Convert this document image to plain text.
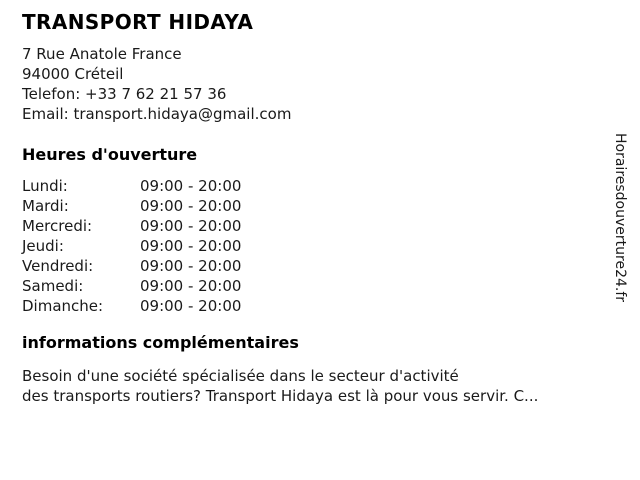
TRANSPORT HIDAYA
7 Rue Anatole France
94000 Créteil
Telefon: +33 7 62 21 57 36
Email: transport.hidaya@gmail.com
Heures d'ouverture
Lundi:	09:00 - 20:00
Mardi:	09:00 - 20:00
Mercredi:	09:00 - 20:00
Jeudi:	09:00 - 20:00
Vendredi:	09:00 - 20:00
Samedi:	09:00 - 20:00
Dimanche:	09:00 - 20:00
informations complémentaires
Besoin d'une société spécialisée dans le secteur d'activité
des transports routiers? Transport Hidaya est là pour vous servir. C...
Horairesdouverture24.fr
